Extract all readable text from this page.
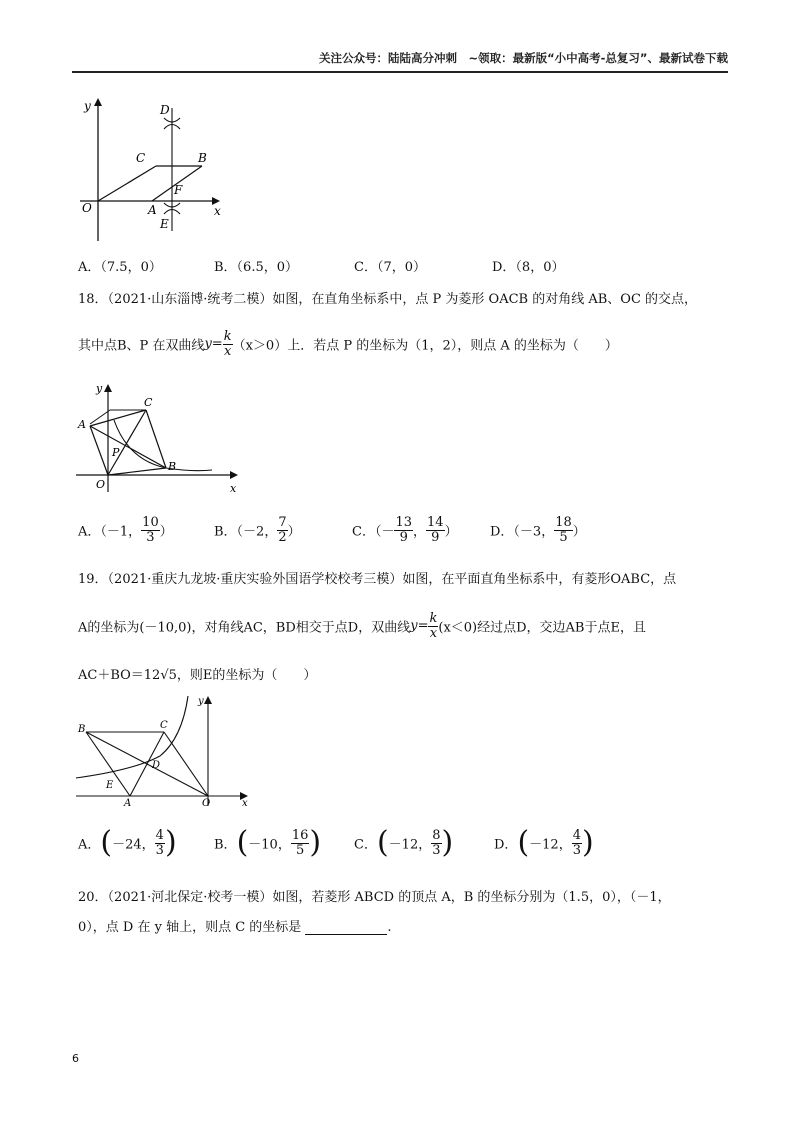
关注公众号：陆陆高分冲刺　~领取：最新版“小中高考-总复习”、最新试卷下载
y
x
O	A
B
C
D
E
F
A．（7.5，0）	B．（6.5，0）	C．（7，0）	D．（8，0）
18．（2021·山东淄博·统考二模）如图，在直角坐标系中，点 P 为菱形 OACB 的对角线 AB、OC 的交点，
其中点B、P 在双曲线$y= \frac{k}{x} (x>0)$上．若点 P 的坐标为（1，2），则点 A 的坐标为（　　）
y
x
O
A
B
C
P
A．（－1， $\frac{10}{3}$ ）	B．（－2， $\frac{7}{2}$ ）	C．（－ $\frac{13}{9}$ ， $\frac{14}{9}$ ） D．（－3， $\frac{18}{5}$ ）
19．（2021·重庆九龙坡·重庆实验外国语学校校考三模）如图，在平面直角坐标系中，有菱形OABC，点
A的坐标为(－10,0)，对角线AC，BD相交于点D，双曲线$y= \frac{k}{x} (x<0)$经过点D，交边AB于点E，且
AC＋BO＝12√5，则E的坐标为（　　）
y
x
O
A
B	C
D
E
A．(－24， $\frac{4}{3}$ )	B．(－10， $\frac{16}{5}$ )	C．(－12， $\frac{8}{3}$ )	D．(－12， $\frac{4}{3}$ )
20．（2021·河北保定·校考一模）如图，若菱形 ABCD 的顶点 A，B 的坐标分别为（1.5，0），（－1，
0），点 D 在 y 轴上，则点 C 的坐标是	.
6
